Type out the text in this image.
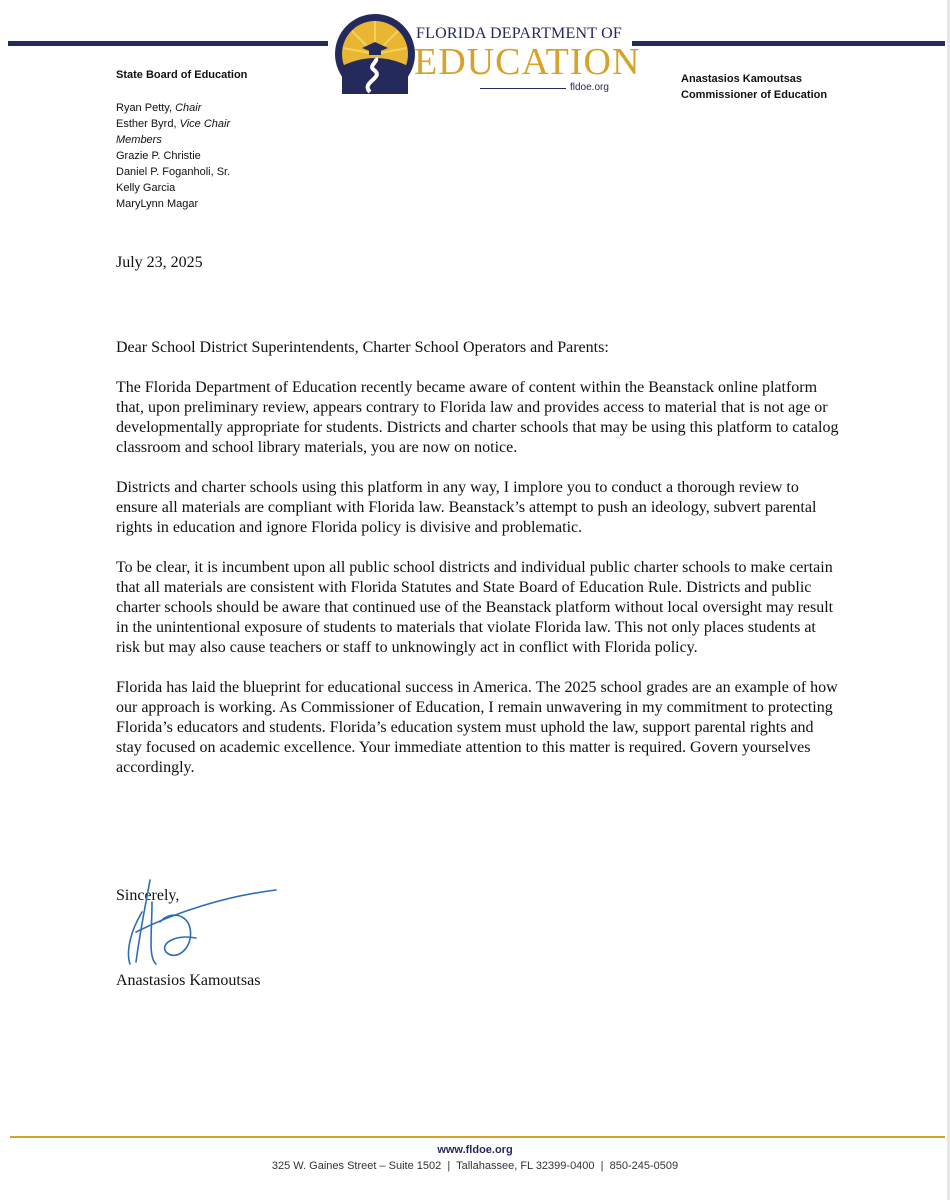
FLORIDA DEPARTMENT OF
EDUCATION
fldoe.org
State Board of Education
Ryan Petty, Chair
Esther Byrd, Vice Chair
Members
Grazie P. Christie
Daniel P. Foganholi, Sr.
Kelly Garcia
MaryLynn Magar
Anastasios Kamoutsas
Commissioner of Education
July 23, 2025

Dear School District Superintendents, Charter School Operators and Parents:

The Florida Department of Education recently became aware of content within the Beanstack online platform that, upon preliminary review, appears contrary to Florida law and provides access to material that is not age or developmentally appropriate for students. Districts and charter schools that may be using this platform to catalog classroom and school library materials, you are now on notice.

Districts and charter schools using this platform in any way, I implore you to conduct a thorough review to ensure all materials are compliant with Florida law. Beanstack’s attempt to push an ideology, subvert parental rights in education and ignore Florida policy is divisive and problematic.

To be clear, it is incumbent upon all public school districts and individual public charter schools to make certain that all materials are consistent with Florida Statutes and State Board of Education Rule. Districts and public charter schools should be aware that continued use of the Beanstack platform without local oversight may result in the unintentional exposure of students to materials that violate Florida law. This not only places students at risk but may also cause teachers or staff to unknowingly act in conflict with Florida policy.

Florida has laid the blueprint for educational success in America. The 2025 school grades are an example of how our approach is working. As Commissioner of Education, I remain unwavering in my commitment to protecting Florida’s educators and students. Florida’s education system must uphold the law, support parental rights and stay focused on academic excellence. Your immediate attention to this matter is required. Govern yourselves accordingly.

Sincerely,
Anastasios Kamoutsas
www.fldoe.org
325 W. Gaines Street – Suite 1502  |  Tallahassee, FL 32399-0400  |  850-245-0509
